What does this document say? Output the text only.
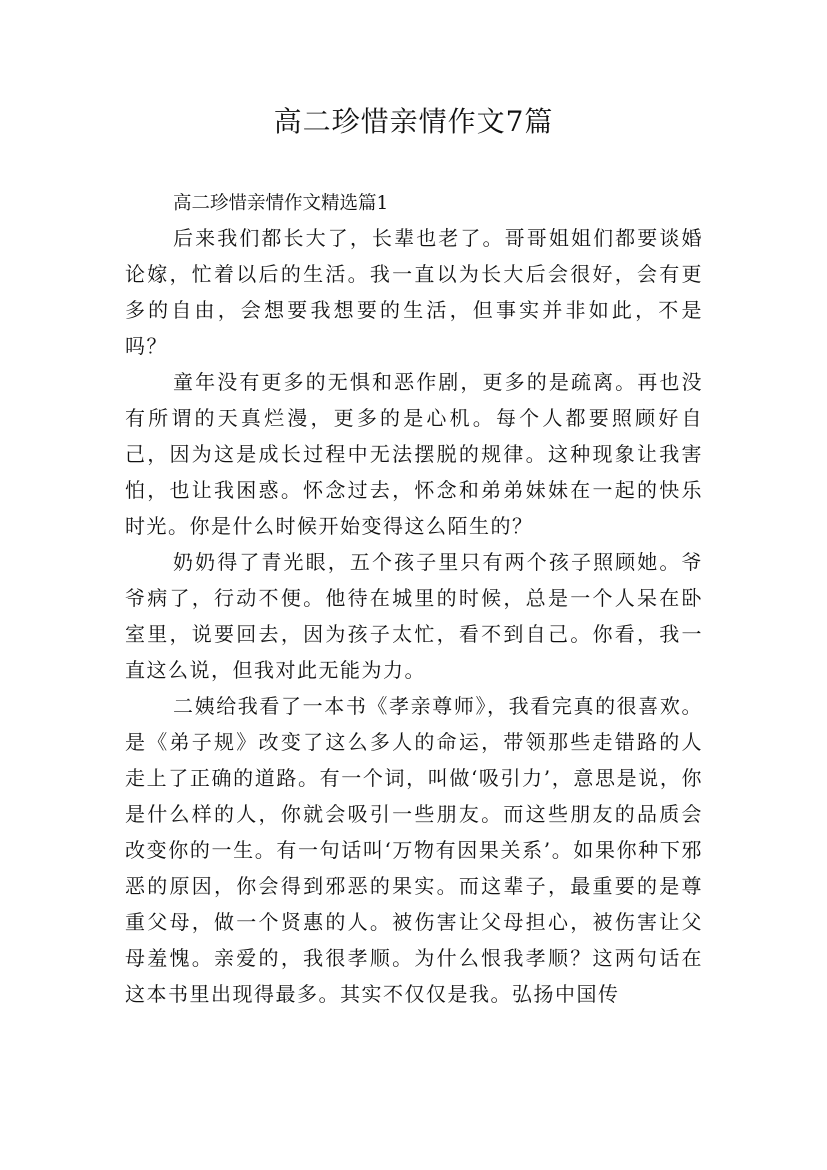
高二珍惜亲情作文7篇

高二珍惜亲情作文精选篇1

后来我们都长大了，长辈也老了。哥哥姐姐们都要谈婚论嫁，忙着以后的生活。我一直以为长大后会很好，会有更多的自由，会想要我想要的生活，但事实并非如此，不是吗？

童年没有更多的无惧和恶作剧，更多的是疏离。再也没有所谓的天真烂漫，更多的是心机。每个人都要照顾好自己，因为这是成长过程中无法摆脱的规律。这种现象让我害怕，也让我困惑。怀念过去，怀念和弟弟妹妹在一起的快乐时光。你是什么时候开始变得这么陌生的？

奶奶得了青光眼，五个孩子里只有两个孩子照顾她。爷爷病了，行动不便。他待在城里的时候，总是一个人呆在卧室里，说要回去，因为孩子太忙，看不到自己。你看，我一直这么说，但我对此无能为力。

二姨给我看了一本书《孝亲尊师》，我看完真的很喜欢。是《弟子规》改变了这么多人的命运，带领那些走错路的人走上了正确的道路。有一个词，叫做‘吸引力’，意思是说，你是什么样的人，你就会吸引一些朋友。而这些朋友的品质会改变你的一生。有一句话叫‘万物有因果关系’。如果你种下邪恶的原因，你会得到邪恶的果实。而这辈子，最重要的是尊重父母，做一个贤惠的人。被伤害让父母担心，被伤害让父母羞愧。亲爱的，我很孝顺。为什么恨我孝顺？这两句话在这本书里出现得最多。其实不仅仅是我。弘扬中国传
